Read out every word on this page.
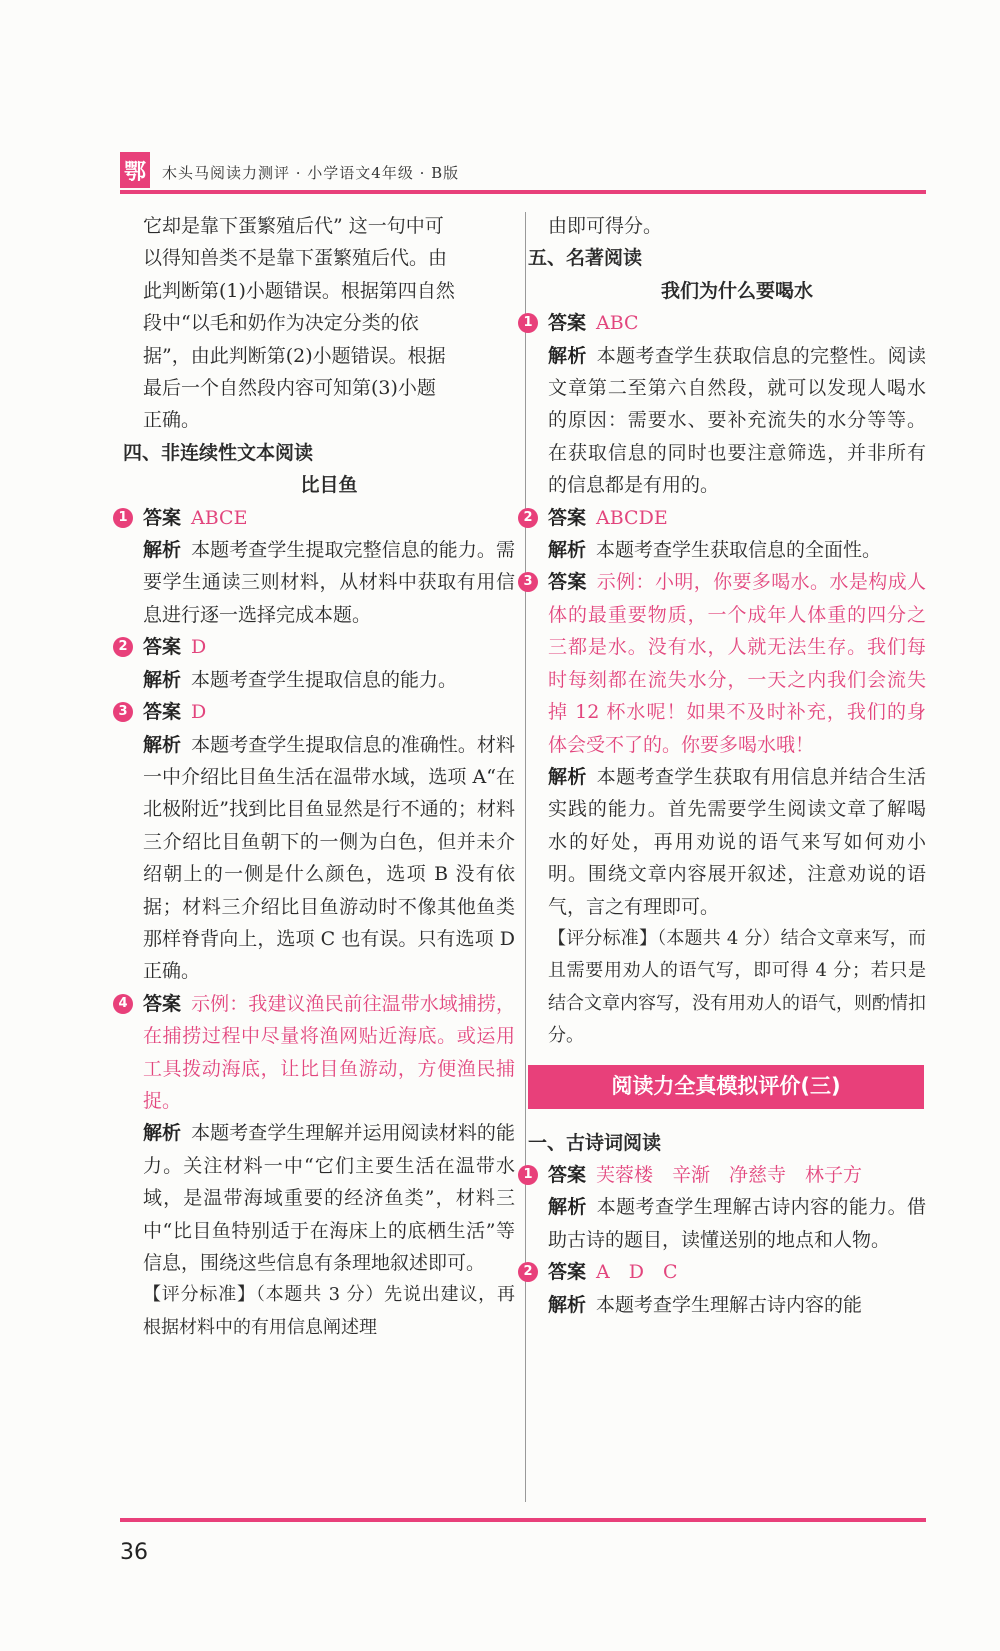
鄂 木头马阅读力测评 · 小学语文4年级 · B版

它却是靠下蛋繁殖后代” 这一句中可

以得知兽类不是靠下蛋繁殖后代。由

此判断第(1)小题错误。根据第四自然

段中“以毛和奶作为决定分类的依

据”，由此判断第(2)小题错误。根据

最后一个自然段内容可知第(3)小题

正确。

四、非连续性文本阅读

比目鱼

1 答案 ABCE

解析 本题考查学生提取完整信息的能力。需要学生通读三则材料，从材料中获取有用信息进行逐一选择完成本题。

2 答案 D

解析 本题考查学生提取信息的能力。

3 答案 D

解析 本题考查学生提取信息的准确性。材料一中介绍比目鱼生活在温带水域，选项 A“在北极附近”找到比目鱼显然是行不通的；材料三介绍比目鱼朝下的一侧为白色，但并未介绍朝上的一侧是什么颜色，选项 B 没有依据；材料三介绍比目鱼游动时不像其他鱼类那样脊背向上，选项 C 也有误。只有选项 D 正确。

4 答案 示例：我建议渔民前往温带水域捕捞，在捕捞过程中尽量将渔网贴近海底。或运用工具拨动海底，让比目鱼游动，方便渔民捕捉。

解析 本题考查学生理解并运用阅读材料的能力。关注材料一中“它们主要生活在温带水域，是温带海域重要的经济鱼类”，材料三中“比目鱼特别适于在海床上的底栖生活”等信息，围绕这些信息有条理地叙述即可。

【评分标准】（本题共 3 分）先说出建议，再根据材料中的有用信息阐述理

由即可得分。

五、名著阅读

我们为什么要喝水

1 答案 ABC

解析 本题考查学生获取信息的完整性。阅读文章第二至第六自然段，就可以发现人喝水的原因：需要水、要补充流失的水分等等。在获取信息的同时也要注意筛选，并非所有的信息都是有用的。

2 答案 ABCDE

解析 本题考查学生获取信息的全面性。

3 答案 示例：小明，你要多喝水。水是构成人体的最重要物质，一个成年人体重的四分之三都是水。没有水，人就无法生存。我们每时每刻都在流失水分，一天之内我们会流失掉 12 杯水呢！如果不及时补充，我们的身体会受不了的。你要多喝水哦！

解析 本题考查学生获取有用信息并结合生活实践的能力。首先需要学生阅读文章了解喝水的好处，再用劝说的语气来写如何劝小明。围绕文章内容展开叙述，注意劝说的语气，言之有理即可。

【评分标准】（本题共 4 分）结合文章来写，而且需要用劝人的语气写，即可得 4 分；若只是结合文章内容写，没有用劝人的语气，则酌情扣分。

阅读力全真模拟评价(三)

一、古诗词阅读

1 答案 芙蓉楼　辛渐　净慈寺　林子方

解析 本题考查学生理解古诗内容的能力。借助古诗的题目，读懂送别的地点和人物。

2 答案 A　D　C

解析 本题考查学生理解古诗内容的能

36
